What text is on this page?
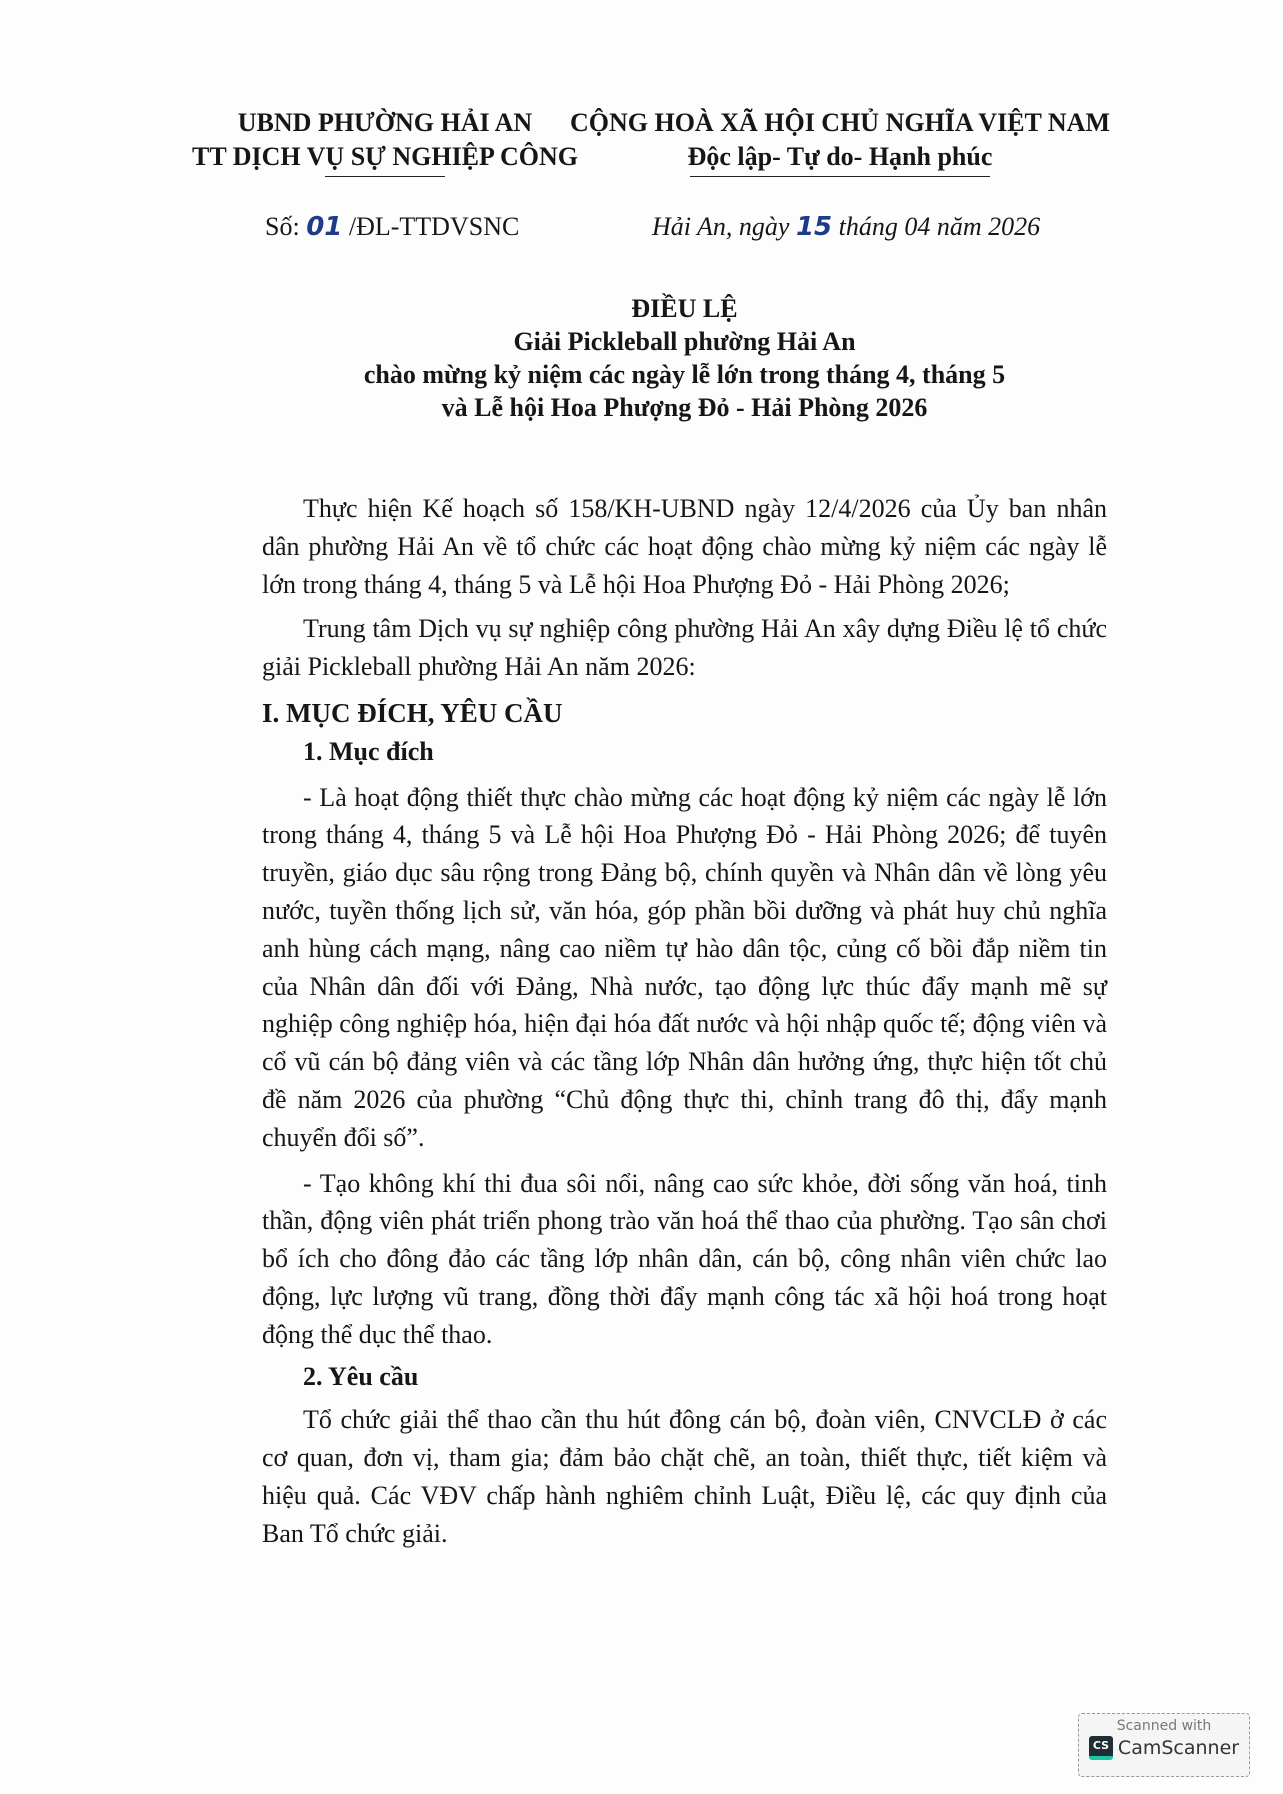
UBND PHƯỜNG HẢI AN
TT DỊCH VỤ SỰ NGHIỆP CÔNG
CỘNG HOÀ XÃ HỘI CHỦ NGHĨA VIỆT NAM
Độc lập- Tự do- Hạnh phúc
Số: 01 /ĐL-TTDVSNC	Hải An, ngày 15 tháng 04 năm 2026
ĐIỀU LỆ
Giải Pickleball phường Hải An
chào mừng kỷ niệm các ngày lễ lớn trong tháng 4, tháng 5
và Lễ hội Hoa Phượng Đỏ - Hải Phòng 2026

Thực hiện Kế hoạch số 158/KH-UBND ngày 12/4/2026 của Ủy ban nhân dân phường Hải An về tổ chức các hoạt động chào mừng kỷ niệm các ngày lễ lớn trong tháng 4, tháng 5 và Lễ hội Hoa Phượng Đỏ - Hải Phòng 2026;

Trung tâm Dịch vụ sự nghiệp công phường Hải An xây dựng Điều lệ tổ chức giải Pickleball phường Hải An năm 2026:

I. MỤC ĐÍCH, YÊU CẦU

1. Mục đích

- Là hoạt động thiết thực chào mừng các hoạt động kỷ niệm các ngày lễ lớn trong tháng 4, tháng 5 và Lễ hội Hoa Phượng Đỏ - Hải Phòng 2026; để tuyên truyền, giáo dục sâu rộng trong Đảng bộ, chính quyền và Nhân dân về lòng yêu nước, tuyền thống lịch sử, văn hóa, góp phần bồi dưỡng và phát huy chủ nghĩa anh hùng cách mạng, nâng cao niềm tự hào dân tộc, củng cố bồi đắp niềm tin của Nhân dân đối với Đảng, Nhà nước, tạo động lực thúc đẩy mạnh mẽ sự nghiệp công nghiệp hóa, hiện đại hóa đất nước và hội nhập quốc tế; động viên và cổ vũ cán bộ đảng viên và các tầng lớp Nhân dân hưởng ứng, thực hiện tốt chủ đề năm 2026 của phường “Chủ động thực thi, chỉnh trang đô thị, đẩy mạnh chuyển đổi số”.

- Tạo không khí thi đua sôi nổi, nâng cao sức khỏe, đời sống văn hoá, tinh thần, động viên phát triển phong trào văn hoá thể thao của phường. Tạo sân chơi bổ ích cho đông đảo các tầng lớp nhân dân, cán bộ, công nhân viên chức lao động, lực lượng vũ trang, đồng thời đẩy mạnh công tác xã hội hoá trong hoạt động thể dục thể thao.

2. Yêu cầu

Tổ chức giải thể thao cần thu hút đông cán bộ, đoàn viên, CNVCLĐ ở các cơ quan, đơn vị, tham gia; đảm bảo chặt chẽ, an toàn, thiết thực, tiết kiệm và hiệu quả. Các VĐV chấp hành nghiêm chỉnh Luật, Điều lệ, các quy định của Ban Tổ chức giải.

Scanned with
CS CamScanner
